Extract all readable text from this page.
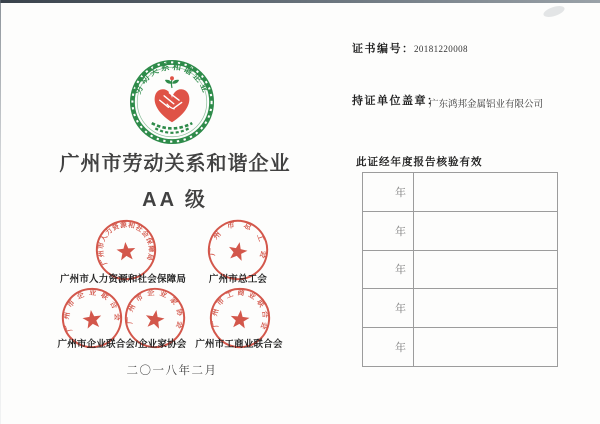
劳动关系和谐企业
广州市劳动关系和谐企业
AA 级
广州市人力资源和社会保障局
广州市总工会
广州市企业联合会 广州市企业家协会	广州市工商业联合会
广州市人力资源和社会保障局 广州市总工会
广州市企业联合会/企业家协会 广州市工商业联合会
二〇一八年二月
证书编号： 20181220008
持证单位盖章：
广东鸿邦金属铝业有限公司
此证经年度报告核验有效
年
年
年
年
年
